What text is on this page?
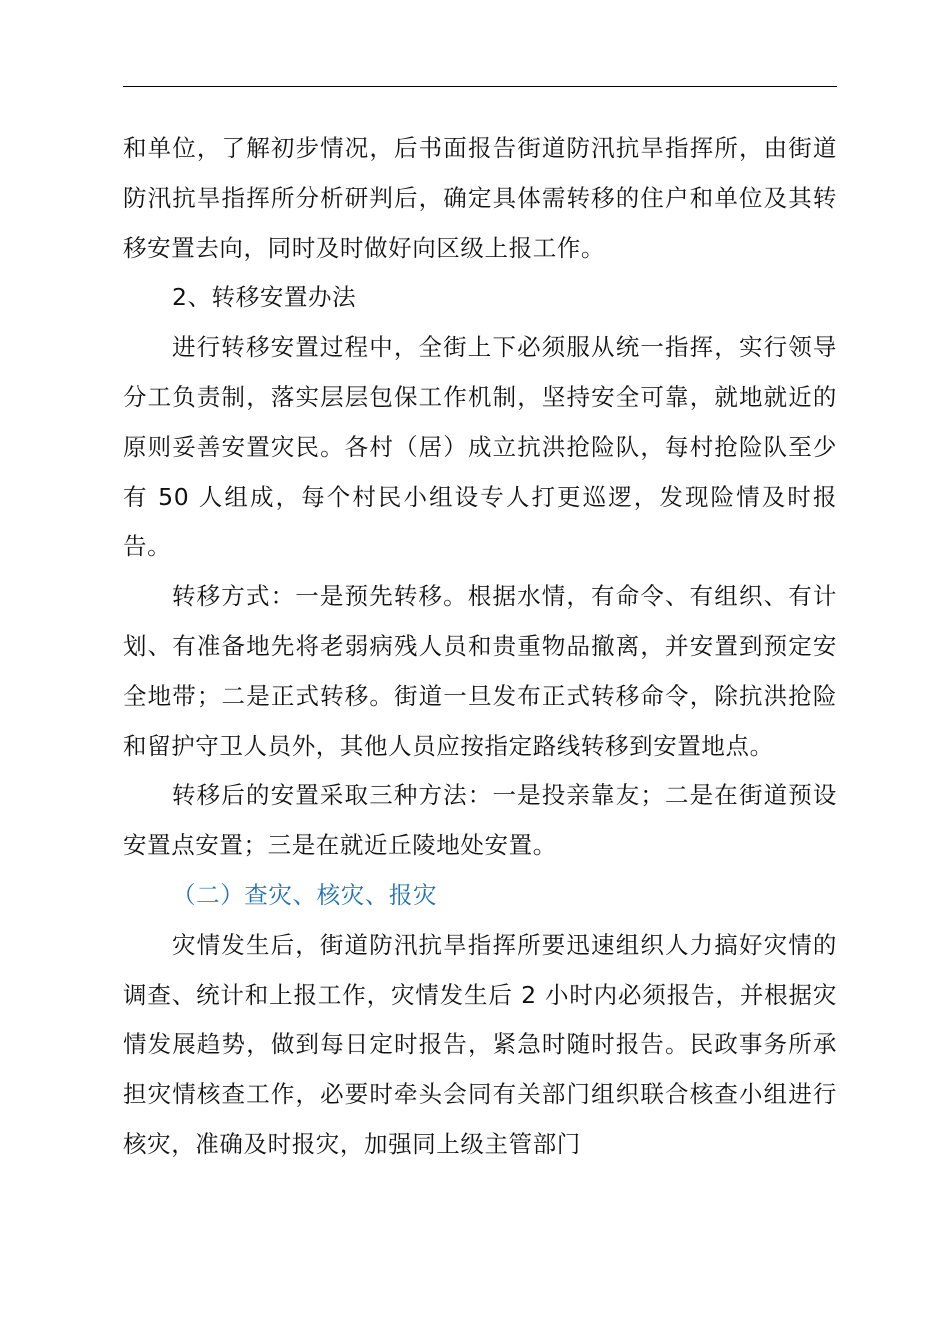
和单位，了解初步情况，后书面报告街道防汛抗旱指挥所，由街道防汛抗旱指挥所分析研判后，确定具体需转移的住户和单位及其转移安置去向，同时及时做好向区级上报工作。

2、转移安置办法

进行转移安置过程中，全街上下必须服从统一指挥，实行领导分工负责制，落实层层包保工作机制，坚持安全可靠，就地就近的原则妥善安置灾民。各村（居）成立抗洪抢险队，每村抢险队至少有 50 人组成，每个村民小组设专人打更巡逻，发现险情及时报告。

转移方式：一是预先转移。根据水情，有命令、有组织、有计划、有准备地先将老弱病残人员和贵重物品撤离，并安置到预定安全地带；二是正式转移。街道一旦发布正式转移命令，除抗洪抢险和留护守卫人员外，其他人员应按指定路线转移到安置地点。

转移后的安置采取三种方法：一是投亲靠友；二是在街道预设安置点安置；三是在就近丘陵地处安置。

（二）查灾、核灾、报灾

灾情发生后，街道防汛抗旱指挥所要迅速组织人力搞好灾情的调查、统计和上报工作，灾情发生后 2 小时内必须报告，并根据灾情发展趋势，做到每日定时报告，紧急时随时报告。民政事务所承担灾情核查工作，必要时牵头会同有关部门组织联合核查小组进行核灾，准确及时报灾，加强同上级主管部门
